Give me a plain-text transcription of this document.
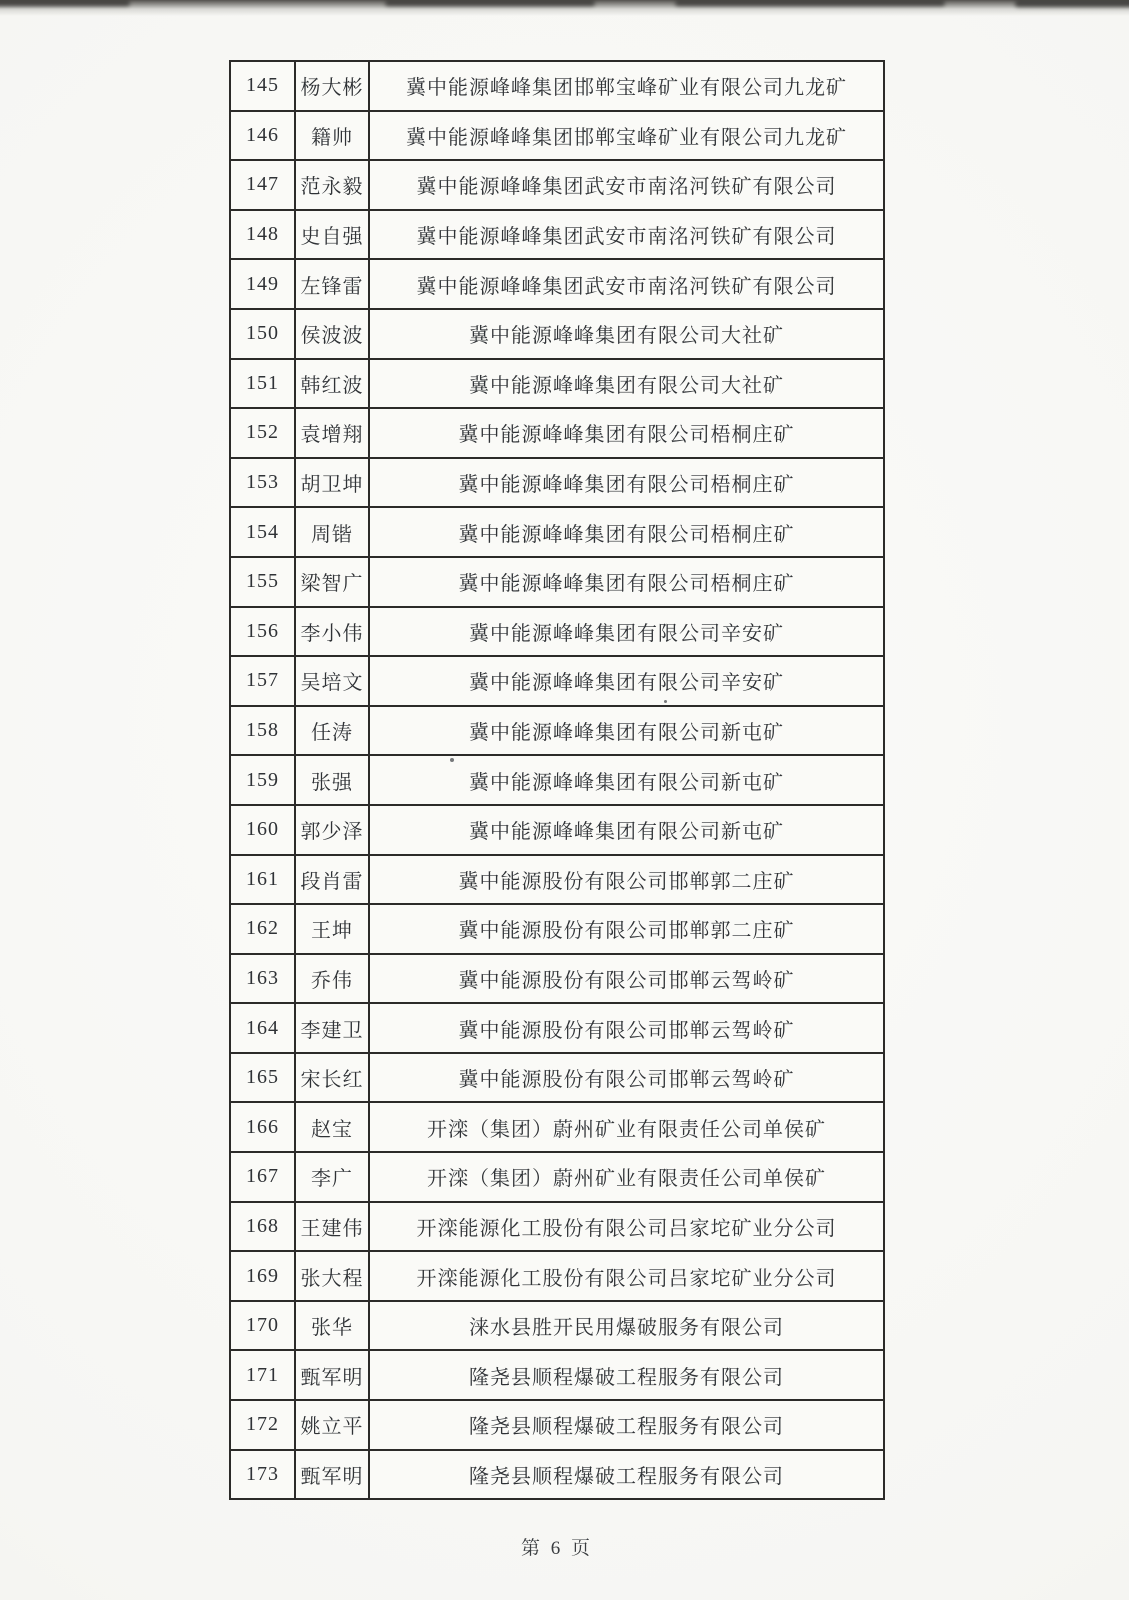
145	杨大彬	冀中能源峰峰集团邯郸宝峰矿业有限公司九龙矿
146	籍帅	冀中能源峰峰集团邯郸宝峰矿业有限公司九龙矿
147	范永毅	冀中能源峰峰集团武安市南洺河铁矿有限公司
148	史自强	冀中能源峰峰集团武安市南洺河铁矿有限公司
149	左锋雷	冀中能源峰峰集团武安市南洺河铁矿有限公司
150	侯波波	冀中能源峰峰集团有限公司大社矿
151	韩红波	冀中能源峰峰集团有限公司大社矿
152	袁增翔	冀中能源峰峰集团有限公司梧桐庄矿
153	胡卫坤	冀中能源峰峰集团有限公司梧桐庄矿
154	周锴	冀中能源峰峰集团有限公司梧桐庄矿
155	梁智广	冀中能源峰峰集团有限公司梧桐庄矿
156	李小伟	冀中能源峰峰集团有限公司辛安矿
157	吴培文	冀中能源峰峰集团有限公司辛安矿
158	任涛	冀中能源峰峰集团有限公司新屯矿
159	张强	冀中能源峰峰集团有限公司新屯矿
160	郭少泽	冀中能源峰峰集团有限公司新屯矿
161	段肖雷	冀中能源股份有限公司邯郸郭二庄矿
162	王坤	冀中能源股份有限公司邯郸郭二庄矿
163	乔伟	冀中能源股份有限公司邯郸云驾岭矿
164	李建卫	冀中能源股份有限公司邯郸云驾岭矿
165	宋长红	冀中能源股份有限公司邯郸云驾岭矿
166	赵宝	开滦（集团）蔚州矿业有限责任公司单侯矿
167	李广	开滦（集团）蔚州矿业有限责任公司单侯矿
168	王建伟	开滦能源化工股份有限公司吕家坨矿业分公司
169	张大程	开滦能源化工股份有限公司吕家坨矿业分公司
170	张华	涞水县胜开民用爆破服务有限公司
171	甄军明	隆尧县顺程爆破工程服务有限公司
172	姚立平	隆尧县顺程爆破工程服务有限公司
173	甄军明	隆尧县顺程爆破工程服务有限公司
第 6 页
